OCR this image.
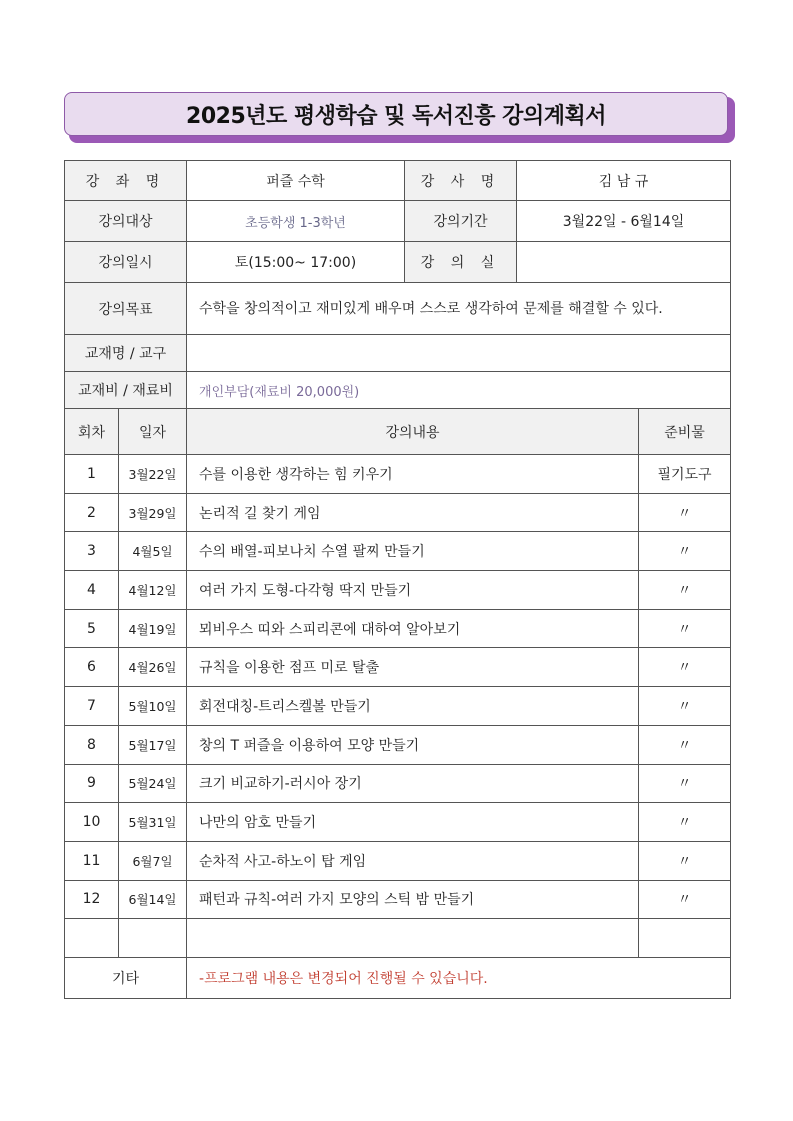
2025년도 평생학습 및 독서진흥 강의계획서
강 좌 명		퍼즐 수학	강 사 명	김 남 규	
강의대상		초등학생 1-3학년	강의기간	3월22일 - 6월14일	
강의일시		토(15:00~ 17:00)	강 의 실		
강의목표		수학을 창의적이고 재미있게 배우며 스스로 생각하여 문제를 해결할 수 있다.			
교재명 / 교구					
교재비 / 재료비		개인부담(재료비 20,000원)			
회차	일자	강의내용			준비물
1	3월22일	수를 이용한 생각하는 힘 키우기			필기도구
2	3월29일	논리적 길 찾기 게임			〃
3	4월5일	수의 배열-피보나치 수열 팔찌 만들기			〃
4	4월12일	여러 가지 도형-다각형 딱지 만들기			〃
5	4월19일	뫼비우스 띠와 스피리콘에 대하여 알아보기			〃
6	4월26일	규칙을 이용한 점프 미로 탈출			〃
7	5월10일	회전대칭-트리스켈볼 만들기			〃
8	5월17일	창의 T 퍼즐을 이용하여 모양 만들기			〃
9	5월24일	크기 비교하기-러시아 장기			〃
10	5월31일	나만의 암호 만들기			〃
11	6월7일	순차적 사고-하노이 탑 게임			〃
12	6월14일	패턴과 규칙-여러 가지 모양의 스틱 밤 만들기			〃

기타		-프로그램 내용은 변경되어 진행될 수 있습니다.			
